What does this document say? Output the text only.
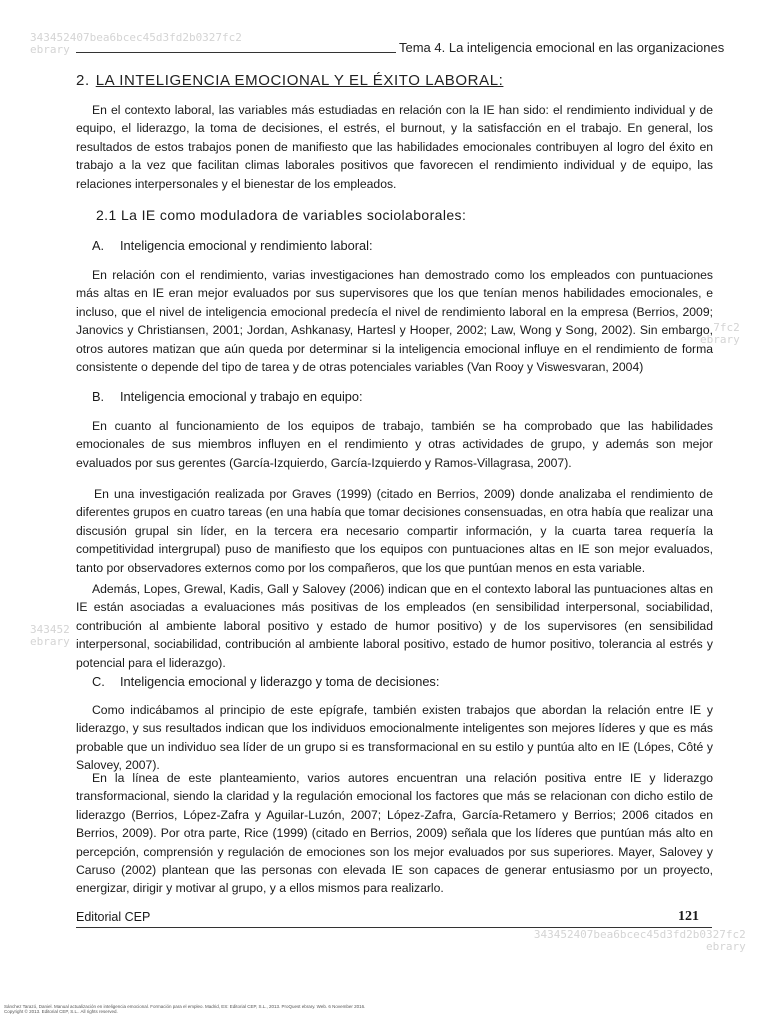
343452407bea6bcec45d3fd2b0327fc2
ebrary
7fc2
ebrary
343452
ebrary
343452407bea6bcec45d3fd2b0327fc2
ebrary
Tema 4. La inteligencia emocional en las organizaciones
2. LA INTELIGENCIA EMOCIONAL Y EL ÉXITO LABORAL:

En el contexto laboral, las variables más estudiadas en relación con la IE han sido: el rendimiento individual y de equipo, el liderazgo, la toma de decisiones, el estrés, el burnout, y la satisfacción en el trabajo. En general, los resultados de estos trabajos ponen de manifiesto que las habilidades emocionales contribuyen al logro del éxito en trabajo a la vez que facilitan climas laborales positivos que favorecen el rendimiento individual y de equipo, las relaciones interpersonales y el bienestar de los empleados.

2.1 La IE como moduladora de variables sociolaborales:
A. Inteligencia emocional y rendimiento laboral:

En relación con el rendimiento, varias investigaciones han demostrado como los empleados con puntuaciones más altas en IE eran mejor evaluados por sus supervisores que los que tenían menos habilidades emocionales, e incluso, que el nivel de inteligencia emocional predecía el nivel de rendimiento laboral en la empresa (Berrios, 2009; Janovics y Christiansen, 2001; Jordan, Ashkanasy, Hartesl y Hooper, 2002; Law, Wong y Song, 2002). Sin embargo, otros autores matizan que aún queda por determinar si la inteligencia emocional influye en el rendimiento de forma consistente o depende del tipo de tarea y de otras potenciales variables (Van Rooy y Viswesvaran, 2004)

B. Inteligencia emocional y trabajo en equipo:

En cuanto al funcionamiento de los equipos de trabajo, también se ha comprobado que las habilidades emocionales de sus miembros influyen en el rendimiento y otras actividades de grupo, y además son mejor evaluados por sus gerentes (García-Izquierdo, García-Izquierdo y Ramos-Villagrasa, 2007).

En una investigación realizada por Graves (1999) (citado en Berrios, 2009) donde analizaba el rendimiento de diferentes grupos en cuatro tareas (en una había que tomar decisiones consensuadas, en otra había que realizar una discusión grupal sin líder, en la tercera era necesario compartir información, y la cuarta tarea requería la competitividad intergrupal) puso de manifiesto que los equipos con puntuaciones altas en IE son mejor evaluados, tanto por observadores externos como por los compañeros, que los que puntúan menos en esta variable.

Además, Lopes, Grewal, Kadis, Gall y Salovey (2006) indican que en el contexto laboral las puntuaciones altas en IE están asociadas a evaluaciones más positivas de los empleados (en sensibilidad interpersonal, sociabilidad, contribución al ambiente laboral positivo y estado de humor positivo) y de los supervisores (en sensibilidad interpersonal, sociabilidad, contribución al ambiente laboral positivo, estado de humor positivo, tolerancia al estrés y potencial para el liderazgo).

C. Inteligencia emocional y liderazgo y toma de decisiones:

Como indicábamos al principio de este epígrafe, también existen trabajos que abordan la relación entre IE y liderazgo, y sus resultados indican que los individuos emocionalmente inteligentes son mejores líderes y que es más probable que un individuo sea líder de un grupo si es transformacional en su estilo y puntúa alto en IE (Lópes, Côté y Salovey, 2007).

En la línea de este planteamiento, varios autores encuentran una relación positiva entre IE y liderazgo transformacional, siendo la claridad y la regulación emocional los factores que más se relacionan con dicho estilo de liderazgo (Berrios, López-Zafra y Aguilar-Luzón, 2007; López-Zafra, García-Retamero y Berrios; 2006 citados en Berrios, 2009). Por otra parte, Rice (1999) (citado en Berrios, 2009) señala que los líderes que puntúan más alto en percepción, comprensión y regulación de emociones son los mejor evaluados por sus superiores. Mayer, Salovey y Caruso (2002) plantean que las personas con elevada IE son capaces de generar entusiasmo por un proyecto, energizar, dirigir y motivar al grupo, y a ellos mismos para realizarlo.

Editorial CEP	121
Sánchez Tarazó, Daniel. Manual actualización en inteligencia emocional. Formación para el empleo. Madrid, ES: Editorial CEP, S.L., 2013. ProQuest ebrary. Web. 6 November 2016.
Copyright © 2013. Editorial CEP, S.L.. All rights reserved.
